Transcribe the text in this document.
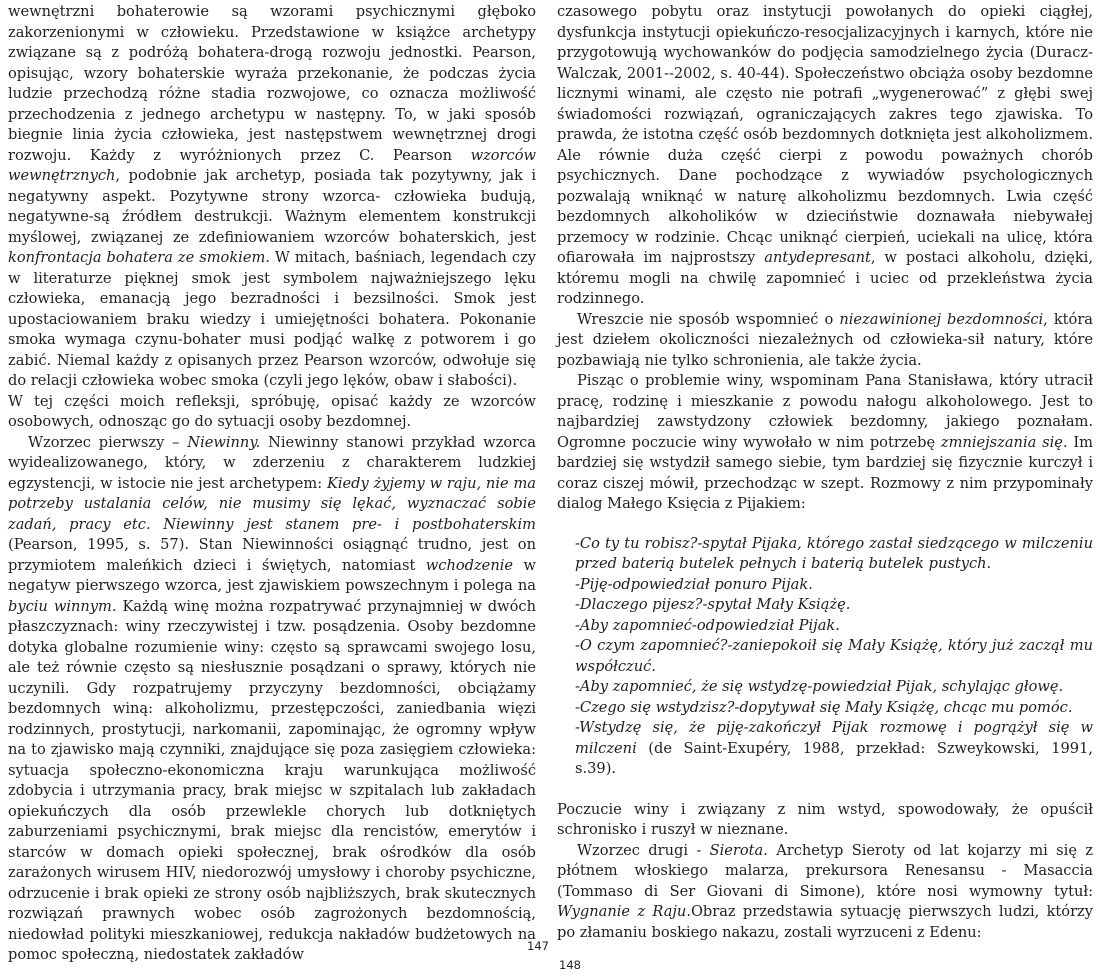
wewnętrzni bohaterowie są wzorami psychicznymi głęboko zakorzenionymi w człowieku. Przedstawione w książce archetypy związane są z podróżą bohatera-drogą rozwoju jednostki. Pearson, opisując, wzory bohaterskie wyraża przekonanie, że podczas życia ludzie przechodzą różne stadia rozwojowe, co oznacza możliwość przechodzenia z jednego archetypu w następny. To, w jaki sposób biegnie linia życia człowieka, jest następstwem wewnętrznej drogi rozwoju. Każdy z wyróżnionych przez C. Pearson wzorców wewnętrznych, podobnie jak archetyp, posiada tak pozytywny, jak i negatywny aspekt. Pozytywne strony wzorca- człowieka budują, negatywne-są źródłem destrukcji. Ważnym elementem konstrukcji myślowej, związanej ze zdefiniowaniem wzorców bohaterskich, jest konfrontacja bohatera ze smokiem. W mitach, baśniach, legendach czy w literaturze pięknej smok jest symbolem najważniejszego lęku człowieka, emanacją jego bezradności i bezsilności. Smok jest upostaciowaniem braku wiedzy i umiejętności bohatera. Pokonanie smoka wymaga czynu-bohater musi podjąć walkę z potworem i go zabić. Niemal każdy z opisanych przez Pearson wzorców, odwołuje się do relacji człowieka wobec smoka (czyli jego lęków, obaw i słabości).

W tej części moich refleksji, spróbuję, opisać każdy ze wzorców osobowych, odnosząc go do sytuacji osoby bezdomnej.

Wzorzec pierwszy – Niewinny. Niewinny stanowi przykład wzorca wyidealizowanego, który, w zderzeniu z charakterem ludzkiej egzystencji, w istocie nie jest archetypem: Kiedy żyjemy w raju, nie ma potrzeby ustalania celów, nie musimy się lękać, wyznaczać sobie zadań, pracy etc. Niewinny jest stanem pre- i postbohaterskim (Pearson, 1995, s. 57). Stan Niewinności osiągnąć trudno, jest on przymiotem maleńkich dzieci i świętych, natomiast wchodzenie w negatyw pierwszego wzorca, jest zjawiskiem powszechnym i polega na byciu winnym. Każdą winę można rozpatrywać przynajmniej w dwóch płaszczyznach: winy rzeczywistej i tzw. posądzenia. Osoby bezdomne dotyka globalne rozumienie winy: często są sprawcami swojego losu, ale też równie często są niesłusznie posądzani o sprawy, których nie uczynili. Gdy rozpatrujemy przyczyny bezdomności, obciążamy bezdomnych winą: alkoholizmu, przestępczości, zaniedbania więzi rodzinnych, prostytucji, narkomanii, zapominając, że ogromny wpływ na to zjawisko mają czynniki, znajdujące się poza zasięgiem człowieka: sytuacja społeczno-ekonomiczna kraju warunkująca możliwość zdobycia i utrzymania pracy, brak miejsc w szpitalach lub zakładach opiekuńczych dla osób przewlekle chorych lub dotkniętych zaburzeniami psychicznymi, brak miejsc dla rencistów, emerytów i starców w domach opieki społecznej, brak ośrodków dla osób zarażonych wirusem HIV, niedorozwój umysłowy i choroby psychiczne, odrzucenie i brak opieki ze strony osób najbliższych, brak skutecznych rozwiązań prawnych wobec osób zagrożonych bezdomnością, niedowład polityki mieszkaniowej, redukcja nakładów budżetowych na pomoc społeczną, niedostatek zakładów

czasowego pobytu oraz instytucji powołanych do opieki ciągłej, dysfunkcja instytucji opiekuńczo-resocjalizacyjnych i karnych, które nie przygotowują wychowanków do podjęcia samodzielnego życia (Duracz-Walczak, 2001--2002, s. 40-44). Społeczeństwo obciąża osoby bezdomne licznymi winami, ale często nie potrafi „wygenerować” z głębi swej świadomości rozwiązań, ograniczających zakres tego zjawiska. To prawda, że istotna część osób bezdomnych dotknięta jest alkoholizmem. Ale równie duża część cierpi z powodu poważnych chorób psychicznych. Dane pochodzące z wywiadów psychologicznych pozwalają wniknąć w naturę alkoholizmu bezdomnych. Lwia część bezdomnych alkoholików w dzieciństwie doznawała niebywałej przemocy w rodzinie. Chcąc uniknąć cierpień, uciekali na ulicę, która ofiarowała im najprostszy antydepresant, w postaci alkoholu, dzięki, któremu mogli na chwilę zapomnieć i uciec od przekleństwa życia rodzinnego.

Wreszcie nie sposób wspomnieć o niezawinionej bezdomności, która jest dziełem okoliczności niezależnych od człowieka-sił natury, które pozbawiają nie tylko schronienia, ale także życia.

Pisząc o problemie winy, wspominam Pana Stanisława, który utracił pracę, rodzinę i mieszkanie z powodu nałogu alkoholowego. Jest to najbardziej zawstydzony człowiek bezdomny, jakiego poznałam. Ogromne poczucie winy wywołało w nim potrzebę zmniejszania się. Im bardziej się wstydził samego siebie, tym bardziej się fizycznie kurczył i coraz ciszej mówił, przechodząc w szept. Rozmowy z nim przypominały dialog Małego Księcia z Pijakiem:

-Co ty tu robisz?-spytał Pijaka, którego zastał siedzącego w milczeniu przed baterią butelek pełnych i baterią butelek pustych.
-Piję-odpowiedział ponuro Pijak.
-Dlaczego pijesz?-spytał Mały Książę.
-Aby zapomnieć-odpowiedział Pijak.
-O czym zapomnieć?-zaniepokoił się Mały Książę, który już zaczął mu współczuć.
-Aby zapomnieć, że się wstydzę-powiedział Pijak, schylając głowę.
-Czego się wstydzisz?-dopytywał się Mały Książę, chcąc mu pomóc.
-Wstydzę się, że piję-zakończył Pijak rozmowę i pogrążył się w milczeni (de Saint-Exupéry, 1988, przekład: Szweykowski, 1991, s.39).

Poczucie winy i związany z nim wstyd, spowodowały, że opuścił schronisko i ruszył w nieznane.

Wzorzec drugi - Sierota. Archetyp Sieroty od lat kojarzy mi się z płótnem włoskiego malarza, prekursora Renesansu - Masaccia (Tommaso di Ser Giovani di Simone), które nosi wymowny tytuł: Wygnanie z Raju.Obraz przedstawia sytuację pierwszych ludzi, którzy po złamaniu boskiego nakazu, zostali wyrzuceni z Edenu:

147
148
